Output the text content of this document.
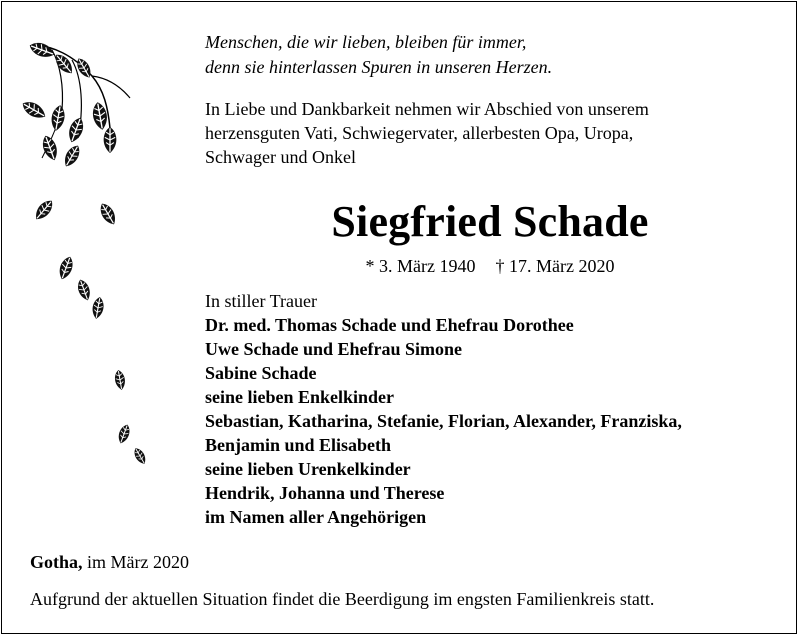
Menschen, die wir lieben, bleiben für immer,
denn sie hinterlassen Spuren in unseren Herzen.
In Liebe und Dankbarkeit nehmen wir Abschied von unserem
herzensguten Vati, Schwiegervater, allerbesten Opa, Uropa,
Schwager und Onkel
Siegfried Schade
* 3. März 1940 † 17. März 2020
In stiller Trauer
Dr. med. Thomas Schade und Ehefrau Dorothee
Uwe Schade und Ehefrau Simone
Sabine Schade
seine lieben Enkelkinder
Sebastian, Katharina, Stefanie, Florian, Alexander, Franziska,
Benjamin und Elisabeth
seine lieben Urenkelkinder
Hendrik, Johanna und Therese
im Namen aller Angehörigen
Gotha, im März 2020
Aufgrund der aktuellen Situation findet die Beerdigung im engsten Familienkreis statt.
